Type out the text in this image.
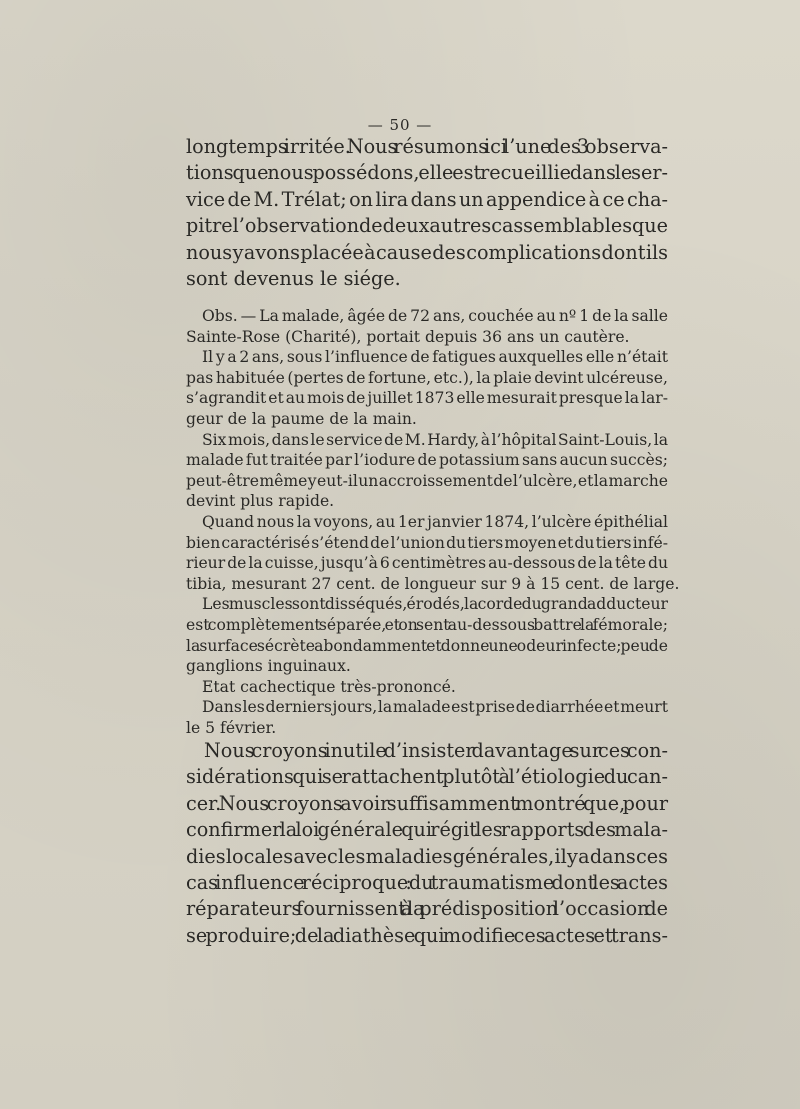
— 50 —
longtemps irritée. Nous résumons ici l’une des 3 observa-
tions que nous possédons, elle est recueillie dans le ser-
vice de M. Trélat; on lira dans un appendice à ce cha-
pitre l’observation de deux autres cas semblables que
nous y avons placée à cause des complications dont ils
sont devenus le siége.
Obs. — La malade, âgée de 72 ans, couchée au nº 1 de la salle
Sainte-Rose (Charité), portait depuis 36 ans un cautère.
Il y a 2 ans, sous l’influence de fatigues auxquelles elle n’était
pas habituée (pertes de fortune, etc.), la plaie devint ulcéreuse,
s’agrandit et au mois de juillet 1873 elle mesurait presque la lar-
geur de la paume de la main.
Six mois, dans le service de M. Hardy, à l’hôpital Saint-Louis, la
malade fut traitée par l’iodure de potassium sans aucun succès;
peut-être même y eut-il un accroissement de l’ulcère, et la marche
devint plus rapide.
Quand nous la voyons, au 1er janvier 1874, l’ulcère épithélial
bien caractérisé s’étend de l’union du tiers moyen et du tiers infé-
rieur de la cuisse, jusqu’à 6 centimètres au-dessous de la tête du
tibia, mesurant 27 cent. de longueur sur 9 à 15 cent. de large.
Les muscles sont disséqués, érodés, la corde du grand adducteur
est complètement séparée, et on sent au-dessous battre la fémorale;
la surface sécrète abondamment et donne une odeur infecte; peu de
ganglions inguinaux.
Etat cachectique très-prononcé.
Dans les derniers jours, la malade est prise de diarrhée et meurt
le 5 février.
Nous croyons inutile d’insister davantage sur ces con-
sidérations qui se rattachent plutôt à l’étiologie du can-
cer. Nous croyons avoir suffisamment montré que, pour
confirmer la loi générale qui régit les rapports des mala-
dies locales avec les maladies générales, il y a dans ces
cas influence réciproque : du traumatisme dont les actes
réparateurs fournissent à la prédisposition l’occasion de
se produire; de la diathèse qui modifie ces actes et trans-
